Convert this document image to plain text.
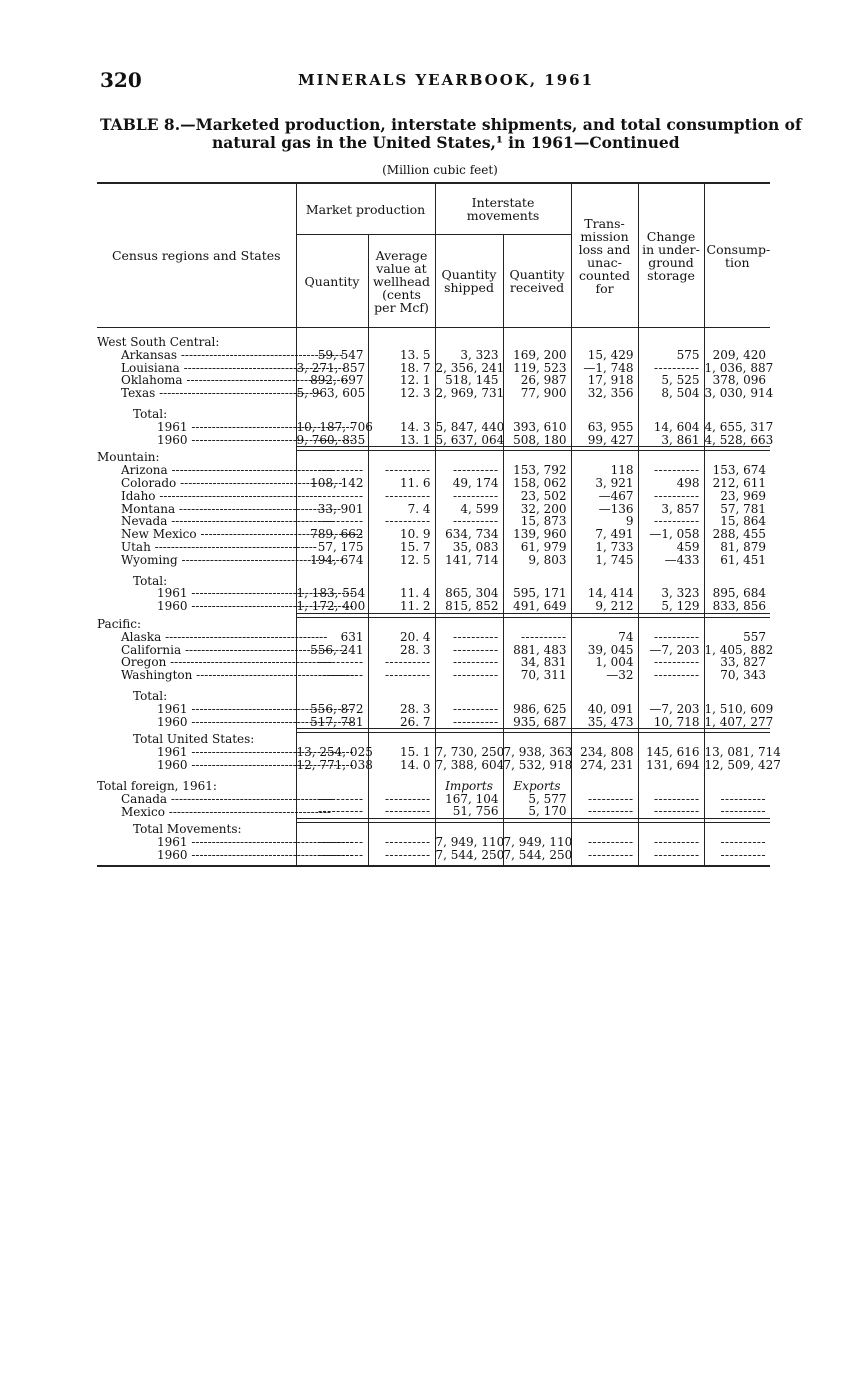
320	MINERALS YEARBOOK, 1961
TABLE 8.—Marketed production, interstate shipments, and total consumption of
natural gas in the United States,¹ in 1961—Continued
(Million cubic feet)
Census regions and States	Market production		Interstate movements		Trans-mission loss and unac-counted for	Change in under-ground storage	Consump-tion
	Quantity	Average value at wellhead (cents per Mcf)	Quantity shipped	Quantity received			

West South Central:							
Arkansas -----	59, 547	13. 5	3, 323	169, 200	15, 429	575	209, 420
Louisiana -----	3, 271, 857	18. 7	2, 356, 241	119, 523	—1, 748	-----	1, 036, 887
Oklahoma -----	892, 697	12. 1	518, 145	26, 987	17, 918	5, 525	378, 096
Texas -----	5, 963, 605	12. 3	2, 969, 731	77, 900	32, 356	8, 504	3, 030, 914

Total:							
1961 -----	10, 187, 706	14. 3	5, 847, 440	393, 610	63, 955	14, 604	4, 655, 317
1960 -----	9, 760, 835	13. 1	5, 637, 064	508, 180	99, 427	3, 861	4, 528, 663

Mountain:							
Arizona -----	-----	-----	-----	153, 792	118	-----	153, 674
Colorado -----	108, 142	11. 6	49, 174	158, 062	3, 921	498	212, 611
Idaho -----	-----	-----	-----	23, 502	—467	-----	23, 969
Montana -----	33, 901	7. 4	4, 599	32, 200	—136	3, 857	57, 781
Nevada -----	-----	-----	-----	15, 873	9	-----	15, 864
New Mexico -----	789, 662	10. 9	634, 734	139, 960	7, 491	—1, 058	288, 455
Utah -----	57, 175	15. 7	35, 083	61, 979	1, 733	459	81, 879
Wyoming -----	194, 674	12. 5	141, 714	9, 803	1, 745	—433	61, 451

Total:							
1961 -----	1, 183, 554	11. 4	865, 304	595, 171	14, 414	3, 323	895, 684
1960 -----	1, 172, 400	11. 2	815, 852	491, 649	9, 212	5, 129	833, 856

Pacific:							
Alaska -----	631	20. 4	-----	-----	74	-----	557
California -----	556, 241	28. 3	-----	881, 483	39, 045	—7, 203	1, 405, 882
Oregon -----	-----	-----	-----	34, 831	1, 004	-----	33, 827
Washington -----	-----	-----	-----	70, 311	—32	-----	70, 343

Total:							
1961 -----	556, 872	28. 3	-----	986, 625	40, 091	—7, 203	1, 510, 609
1960 -----	517, 781	26. 7	-----	935, 687	35, 473	10, 718	1, 407, 277

Total United States:							
1961 -----	13, 254, 025	15. 1	7, 730, 250	7, 938, 363	234, 808	145, 616	13, 081, 714
1960 -----	12, 771, 038	14. 0	7, 388, 604	7, 532, 918	274, 231	131, 694	12, 509, 427

Total foreign, 1961:			Imports	Exports			
Canada -----	-----	-----	167, 104	5, 577	-----	-----	-----
Mexico -----	-----	-----	51, 756	5, 170	-----	-----	-----

Total Movements:							
1961 -----	-----	-----	7, 949, 110	7, 949, 110	-----	-----	-----
1960 -----	-----	-----	7, 544, 250	7, 544, 250	-----	-----	-----
